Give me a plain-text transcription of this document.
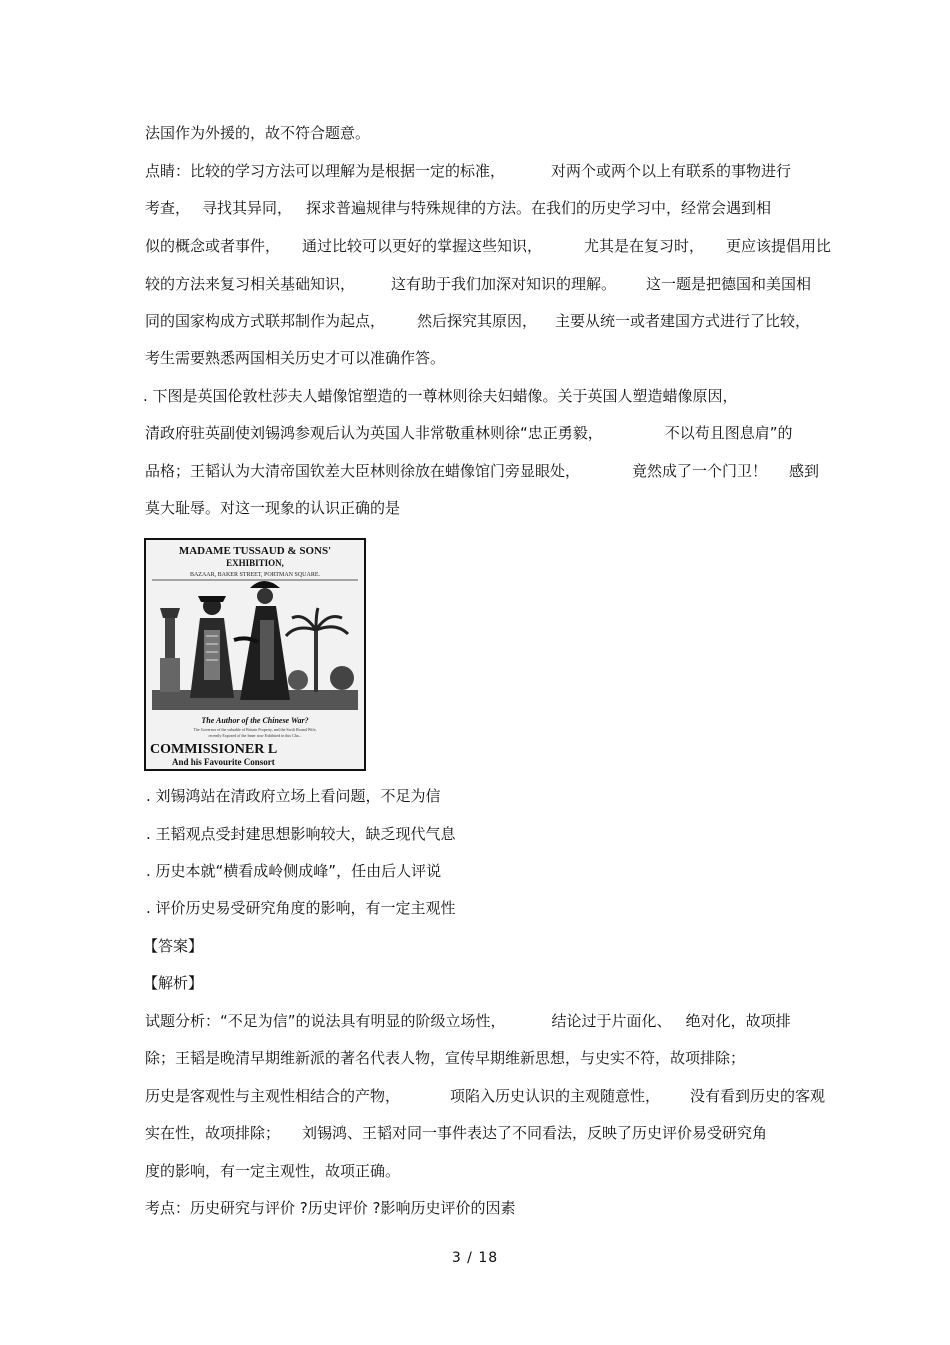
法国作为外援的，故不符合题意。
点睛：比较的学习方法可以理解为是根据一定的标准，	对两个或两个以上有联系的事物进行
考查， 寻找其异同， 探求普遍规律与特殊规律的方法。在我们的历史学习中，经常会遇到相
似的概念或者事件， 通过比较可以更好的掌握这些知识，	尤其是在复习时， 更应该提倡用比
较的方法来复习相关基础知识， 这有助于我们加深对知识的理解。 这一题是把德国和美国相
同的国家构成方式联邦制作为起点， 然后探究其原因， 主要从统一或者建国方式进行了比较，
考生需要熟悉两国相关历史才可以准确作答。
. 下图是英国伦敦杜莎夫人蜡像馆塑造的一尊林则徐夫妇蜡像。关于英国人塑造蜡像原因，
清政府驻英副使刘锡鸿参观后认为英国人非常敬重林则徐“忠正勇毅，	不以苟且图息肩”的
品格；王韬认为大清帝国钦差大臣林则徐放在蜡像馆门旁显眼处，	竟然成了一个门卫！ 感到
莫大耻辱。对这一现象的认识正确的是
MADAME TUSSAUD & SONS'
EXHIBITION,
BAZAAR, BAKER STREET, PORTMAN SQUARE.
The Author of the Chinese War?
The Governor of the valuable of Britain Property, and the Swift Round Wife,
recently Exposed of the Inner now Exhibited in this Cha...
COMMISSIONER L
And his Favourite Consort
. 刘锡鸿站在清政府立场上看问题，不足为信
. 王韬观点受封建思想影响较大，缺乏现代气息
. 历史本就“横看成岭侧成峰”，任由后人评说
. 评价历史易受研究角度的影响，有一定主观性
【答案】
【解析】
试题分析：“不足为信”的说法具有明显的阶级立场性，	结论过于片面化、 绝对化，故项排
除；王韬是晚清早期维新派的著名代表人物，宣传早期维新思想，与史实不符，故项排除；
历史是客观性与主观性相结合的产物，	项陷入历史认识的主观随意性， 没有看到历史的客观
实在性，故项排除； 刘锡鸿、王韬对同一事件表达了不同看法，反映了历史评价易受研究角
度的影响，有一定主观性，故项正确。
考点：历史研究与评价 ?历史评价 ?影响历史评价的因素
3 / 18
